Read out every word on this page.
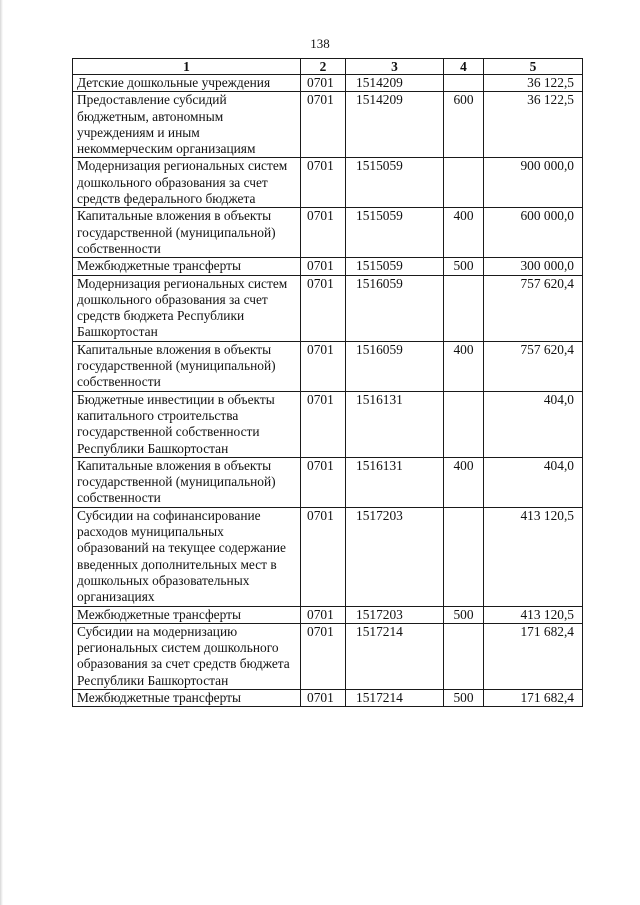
138
1	2	3	4	5
Детские дошкольные учреждения	0701	1514209		36 122,5
Предоставление субсидий бюджетным, автономным учреждениям и иным некоммерческим организациям	0701	1514209	600	36 122,5
Модернизация региональных систем дошкольного образования за счет средств федерального бюджета	0701	1515059		900 000,0
Капитальные вложения в объекты государственной (муниципальной) собственности	0701	1515059	400	600 000,0
Межбюджетные трансферты	0701	1515059	500	300 000,0
Модернизация региональных систем дошкольного образования за счет средств бюджета Республики Башкортостан	0701	1516059		757 620,4
Капитальные вложения в объекты государственной (муниципальной) собственности	0701	1516059	400	757 620,4
Бюджетные инвестиции в объекты капитального строительства государственной собственности Республики Башкортостан	0701	1516131		404,0
Капитальные вложения в объекты государственной (муниципальной) собственности	0701	1516131	400	404,0
Субсидии на софинансирование расходов муниципальных образований на текущее содержание введенных дополнительных мест в дошкольных образовательных организациях	0701	1517203		413 120,5
Межбюджетные трансферты	0701	1517203	500	413 120,5
Субсидии на модернизацию региональных систем дошкольного образования за счет средств бюджета Республики Башкортостан	0701	1517214		171 682,4
Межбюджетные трансферты	0701	1517214	500	171 682,4
